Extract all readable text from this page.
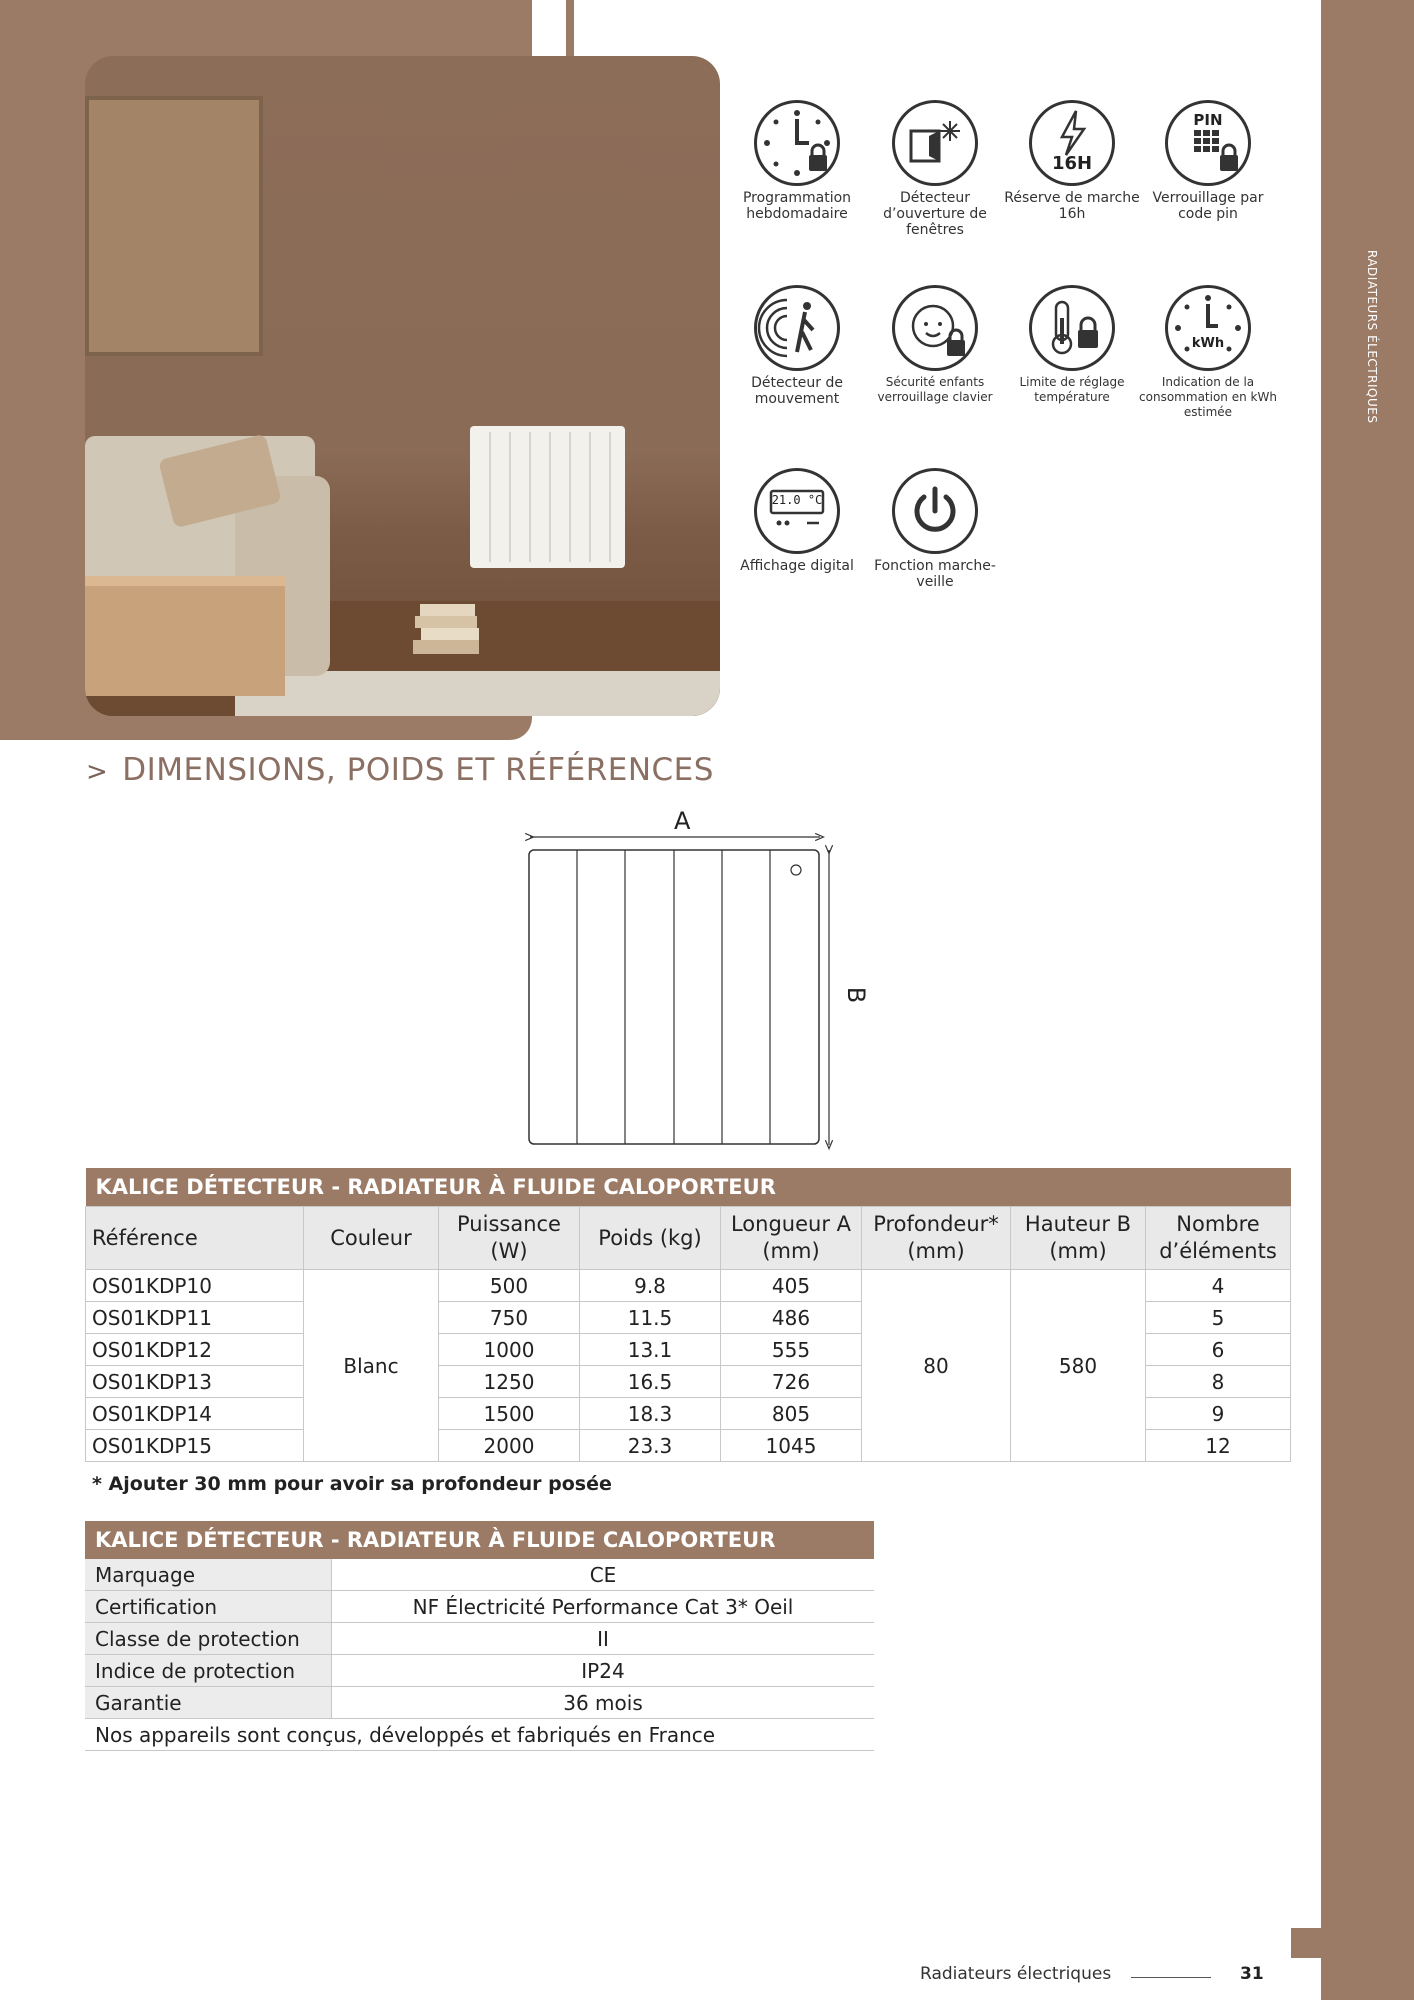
RADIATEURS ÉLECTRIQUES
Programmation hebdomadaire
Détecteur d’ouverture de fenêtres
16H
Réserve de marche 16h
PIN
Verrouillage par code pin
Détecteur de mouvement
Sécurité enfants verrouillage clavier
Limite de réglage température
kWh
Indication de la consommation en kWh estimée
21.0 °C
Affichage digital	Fonction marche-veille
> DIMENSIONS, POIDS ET RÉFÉRENCES
A
B
KALICE DÉTECTEUR - RADIATEUR À FLUIDE CALOPORTEUR							
Référence	Couleur	Puissance (W)	Poids (kg)	Longueur A (mm)	Profondeur* (mm)	Hauteur B (mm)	Nombre d’éléments
OS01KDP10	Blanc	500	9.8	405	80	580	4
OS01KDP11		750	11.5	486			5
OS01KDP12		1000	13.1	555			6
OS01KDP13		1250	16.5	726			8
OS01KDP14		1500	18.3	805			9
OS01KDP15		2000	23.3	1045			12
* Ajouter 30 mm pour avoir sa profondeur posée
KALICE DÉTECTEUR - RADIATEUR À FLUIDE CALOPORTEUR	
Marquage	CE
Certification	NF Électricité Performance Cat 3* Oeil
Classe de protection	II
Indice de protection	IP24
Garantie	36 mois
Nos appareils sont conçus, développés et fabriqués en France	
Radiateurs électriques	31
